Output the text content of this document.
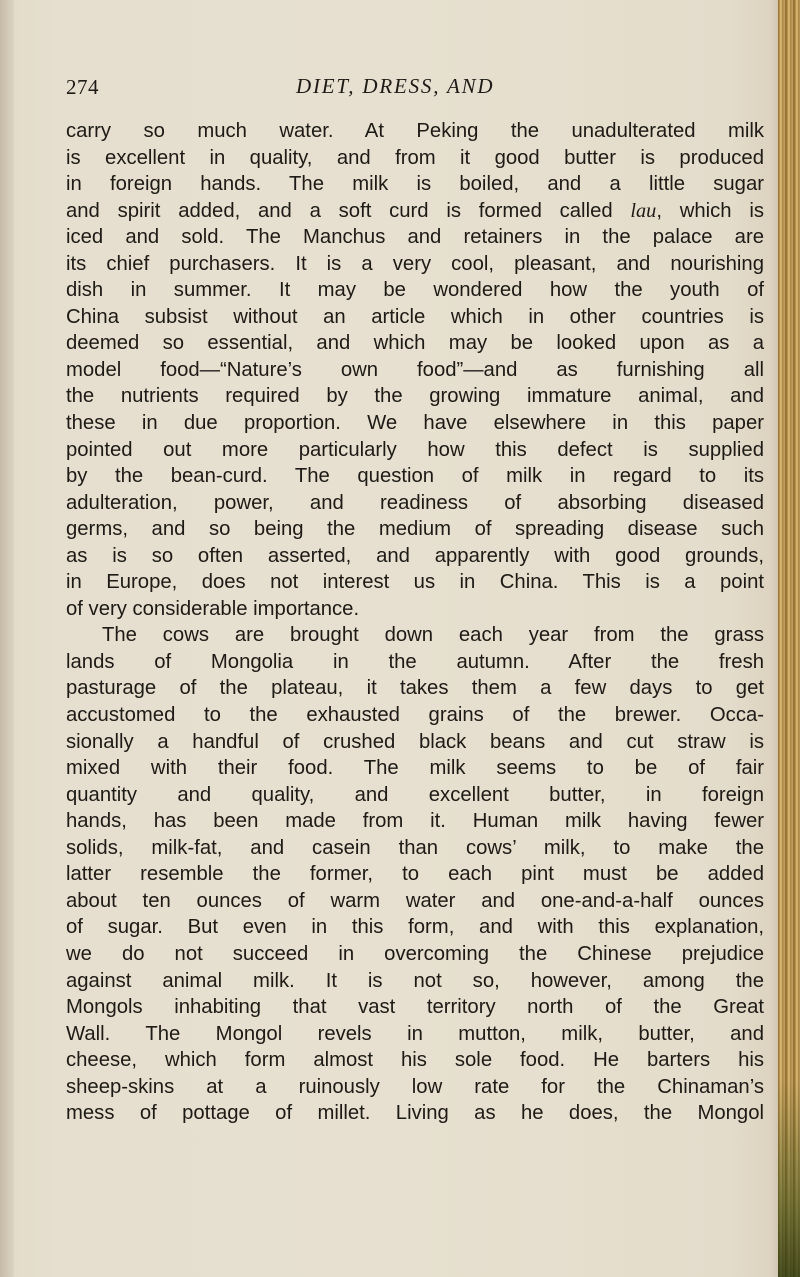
274	DIET, DRESS, AND
carry so much water. At Peking the unadulterated milk
is excellent in quality, and from it good butter is produced
in foreign hands. The milk is boiled, and a little sugar
and spirit added, and a soft curd is formed called lau, which is
iced and sold. The Manchus and retainers in the palace are
its chief purchasers. It is a very cool, pleasant, and nourishing
dish in summer. It may be wondered how the youth of
China subsist without an article which in other countries is
deemed so essential, and which may be looked upon as a
model food—“Nature’s own food”—and as furnishing all
the nutrients required by the growing immature animal, and
these in due proportion. We have elsewhere in this paper
pointed out more particularly how this defect is supplied
by the bean-curd. The question of milk in regard to its
adulteration, power, and readiness of absorbing diseased
germs, and so being the medium of spreading disease such
as is so often asserted, and apparently with good grounds,
in Europe, does not interest us in China. This is a point
of very considerable importance.
The cows are brought down each year from the grass
lands of Mongolia in the autumn. After the fresh
pasturage of the plateau, it takes them a few days to get
accustomed to the exhausted grains of the brewer. Occa-
sionally a handful of crushed black beans and cut straw is
mixed with their food. The milk seems to be of fair
quantity and quality, and excellent butter, in foreign
hands, has been made from it. Human milk having fewer
solids, milk-fat, and casein than cows’ milk, to make the
latter resemble the former, to each pint must be added
about ten ounces of warm water and one-and-a-half ounces
of sugar. But even in this form, and with this explanation,
we do not succeed in overcoming the Chinese prejudice
against animal milk. It is not so, however, among the
Mongols inhabiting that vast territory north of the Great
Wall. The Mongol revels in mutton, milk, butter, and
cheese, which form almost his sole food. He barters his
sheep-skins at a ruinously low rate for the Chinaman’s
mess of pottage of millet. Living as he does, the Mongol
